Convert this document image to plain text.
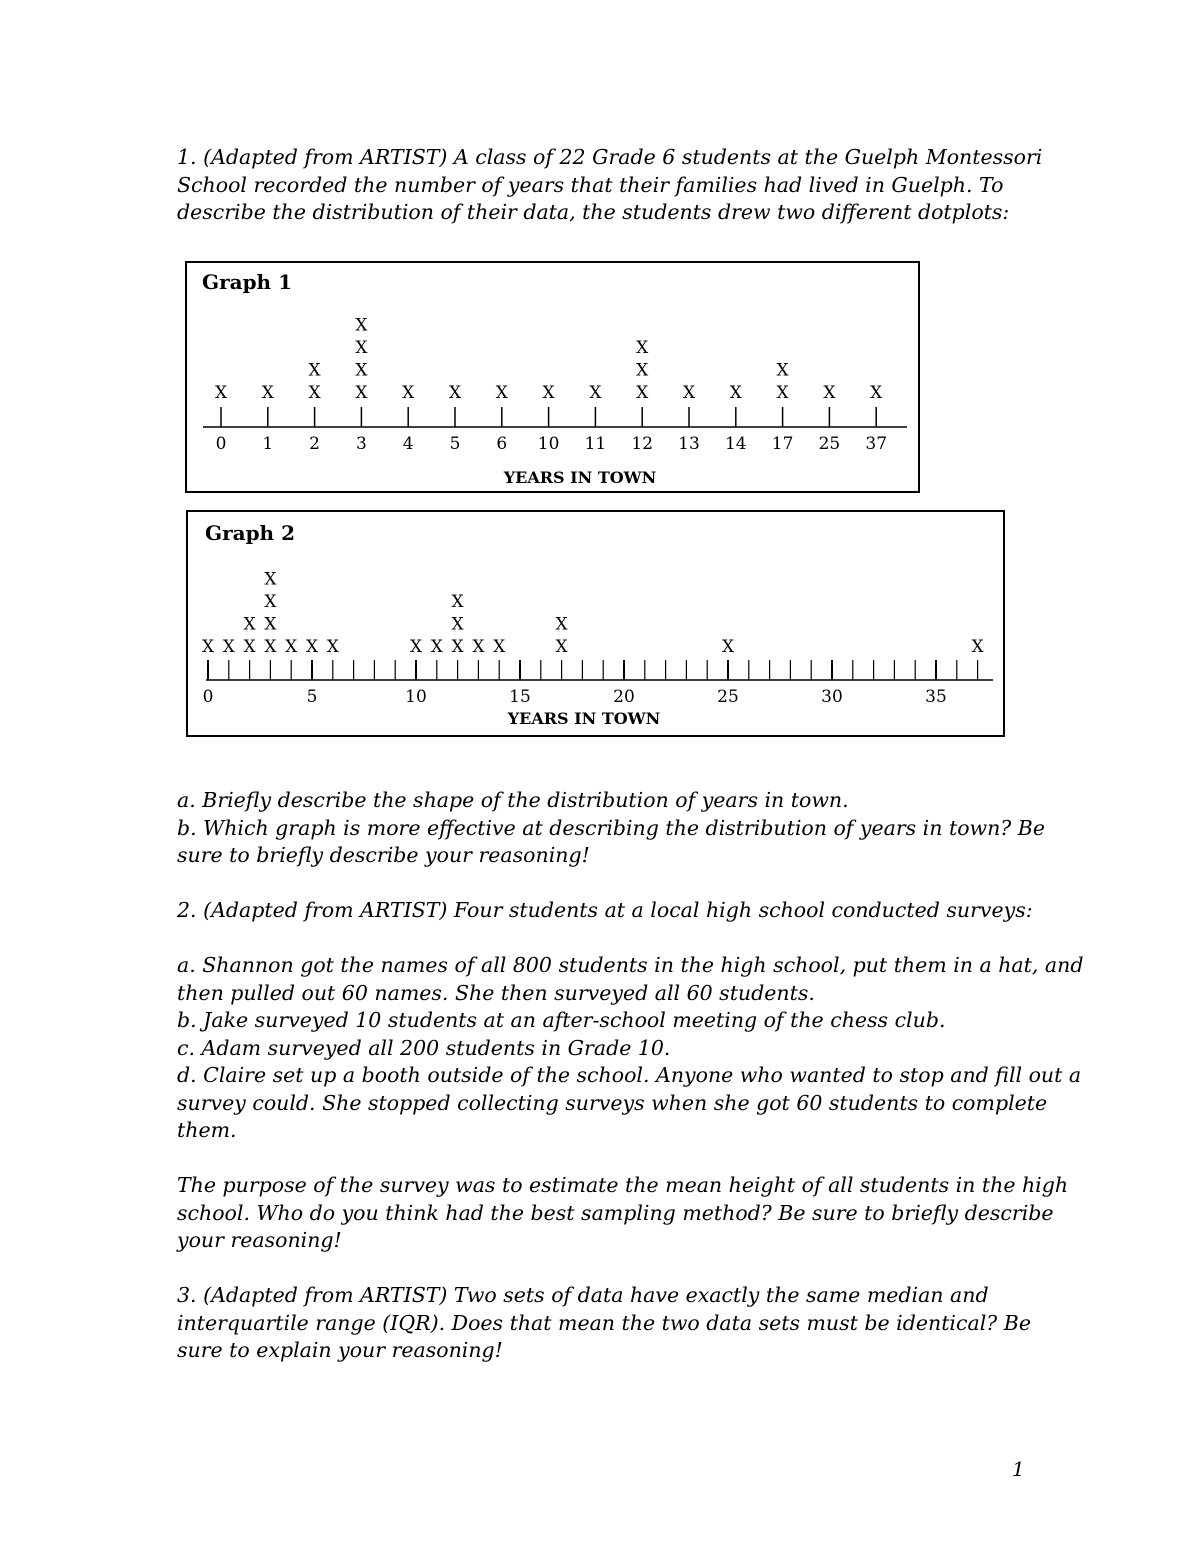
1. (Adapted from ARTIST) A class of 22 Grade 6 students at the Guelph Montessori
School recorded the number of years that their families had lived in Guelph. To
describe the distribution of their data, the students drew two different dotplots:
Graph 1
0
X
1
X
2
X
X
3
X
X
X
X
4
X
5
X
6
X
10
X
11
X
12
X
X
X
13
X
14
X
17
X
X
25
X
37
X
YEARS IN TOWN
Graph 2
0	5	10	15	20	25	30	35
X X X
X
X
X
X
X
X X X	X X X
X
X
X X	X
X
X	X
YEARS IN TOWN
a. Briefly describe the shape of the distribution of years in town.
b. Which graph is more effective at describing the distribution of years in town? Be
sure to briefly describe your reasoning!
2. (Adapted from ARTIST) Four students at a local high school conducted surveys:
a. Shannon got the names of all 800 students in the high school, put them in a hat, and
then pulled out 60 names. She then surveyed all 60 students.
b. Jake surveyed 10 students at an after-school meeting of the chess club.
c. Adam surveyed all 200 students in Grade 10.
d. Claire set up a booth outside of the school. Anyone who wanted to stop and fill out a
survey could. She stopped collecting surveys when she got 60 students to complete
them.
The purpose of the survey was to estimate the mean height of all students in the high
school. Who do you think had the best sampling method? Be sure to briefly describe
your reasoning!
3. (Adapted from ARTIST) Two sets of data have exactly the same median and
interquartile range (IQR). Does that mean the two data sets must be identical? Be
sure to explain your reasoning!
1
